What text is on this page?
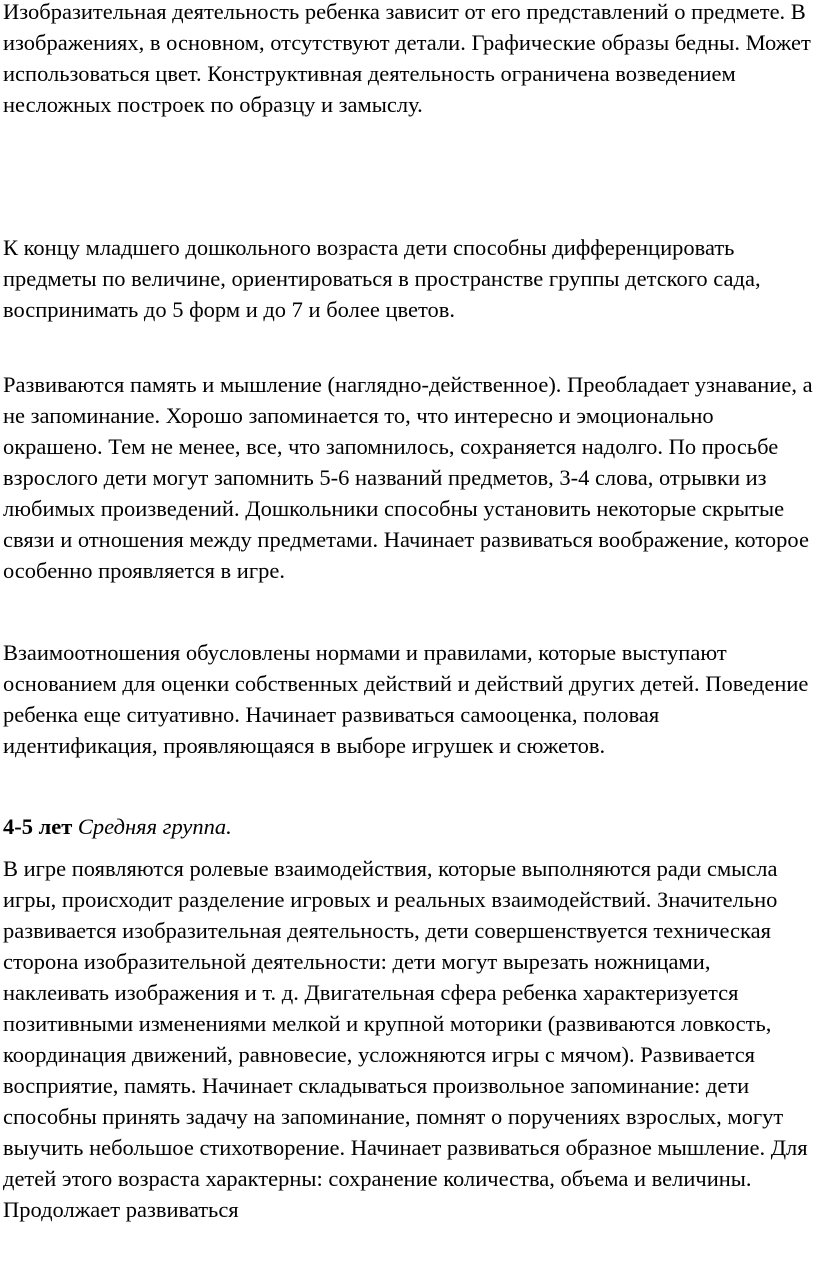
Изобразительная деятельность ребенка зависит от его представлений о предмете. В изображениях, в основном, отсутствуют детали. Графические образы бедны. Может использоваться цвет. Конструктивная деятельность ограничена возведением несложных построек по образцу и замыслу.

К концу младшего дошкольного возраста дети способны дифференцировать предметы по величине, ориентироваться в пространстве группы детского сада, воспринимать до 5 форм и до 7 и более цветов.

Развиваются память и мышление (наглядно-действенное). Преобладает узнавание, а не запоминание. Хорошо запоминается то, что интересно и эмоционально окрашено. Тем не менее, все, что запомнилось, сохраняется надолго. По просьбе взрослого дети могут запомнить 5-6 названий предметов, 3-4 слова, отрывки из любимых произведений. Дошкольники способны установить некоторые скрытые связи и отношения между предметами. Начинает развиваться воображение, которое особенно проявляется в игре.

Взаимоотношения обусловлены нормами и правилами, которые выступают основанием для оценки собственных действий и действий других детей. Поведение ребенка еще ситуативно. Начинает развиваться самооценка, половая идентификация, проявляющаяся в выборе игрушек и сюжетов.

4-5 лет Средняя группа.

В игре появляются ролевые взаимодействия, которые выполняются ради смысла игры, происходит разделение игровых и реальных взаимодействий. Значительно развивается изобразительная деятельность, дети совершенствуется техническая сторона изобразительной деятельности: дети могут вырезать ножницами, наклеивать изображения и т. д. Двигательная сфера ребенка характеризуется позитивными изменениями мелкой и крупной моторики (развиваются ловкость, координация движений, равновесие, усложняются игры с мячом). Развивается восприятие, память. Начинает складываться произвольное запоминание: дети способны принять задачу на запоминание, помнят о поручениях взрослых, могут выучить небольшое стихотворение. Начинает развиваться образное мышление. Для детей этого возраста характерны: сохранение количества, объема и величины. Продолжает развиваться
